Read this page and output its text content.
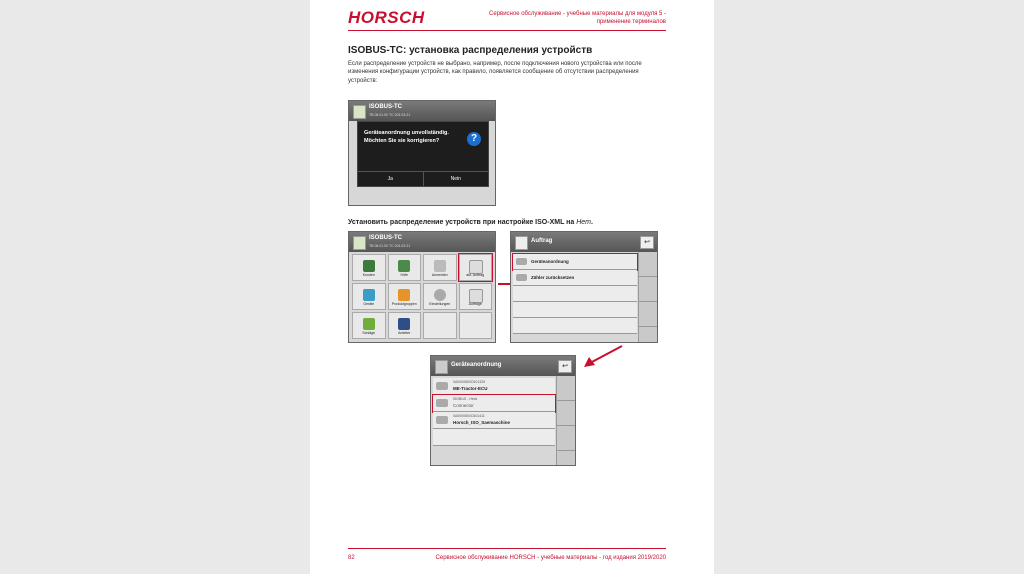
HORSCH	Сервисное обслуживание - учебные материалы для модуля 5 - применение терминалов
ISOBUS-TC: установка распределения устройств
Если распределение устройств не выбрано, например, после подключения нового устройства или после изменения конфигурации устройств, как правило, появляется сообщение об отсутствии распределения устройств:
ISOBUS-TC
TB 06.01.00 TC 001.03.21
Geräteanordnung unvollständig.
Möchten Sie sie korrigieren?	?
Ja	Nein
Установить распределение устройств при настройке ISO-XML на Нет.
ISOBUS-TC
TB 06.01.00 TC 001.03.21
Kunden	Höfe	Anmelden	akt. Auftrag
Geräte	Produktgruppen	Einstellungen	Aufträge
Schläge	Arbeiter
Auftrag	↩
Geräteanordnung
Zähler zurücksetzen
Geräteanordnung	↩
0A0000800C601325
ME-Tractor-ECU
ISOBUS - Heck
Connector
0A0000800C601411
Horsch_ISO_Saemaschine
82	Сервисное обслуживание HORSCH - учебные материалы - год издания 2019/2020
